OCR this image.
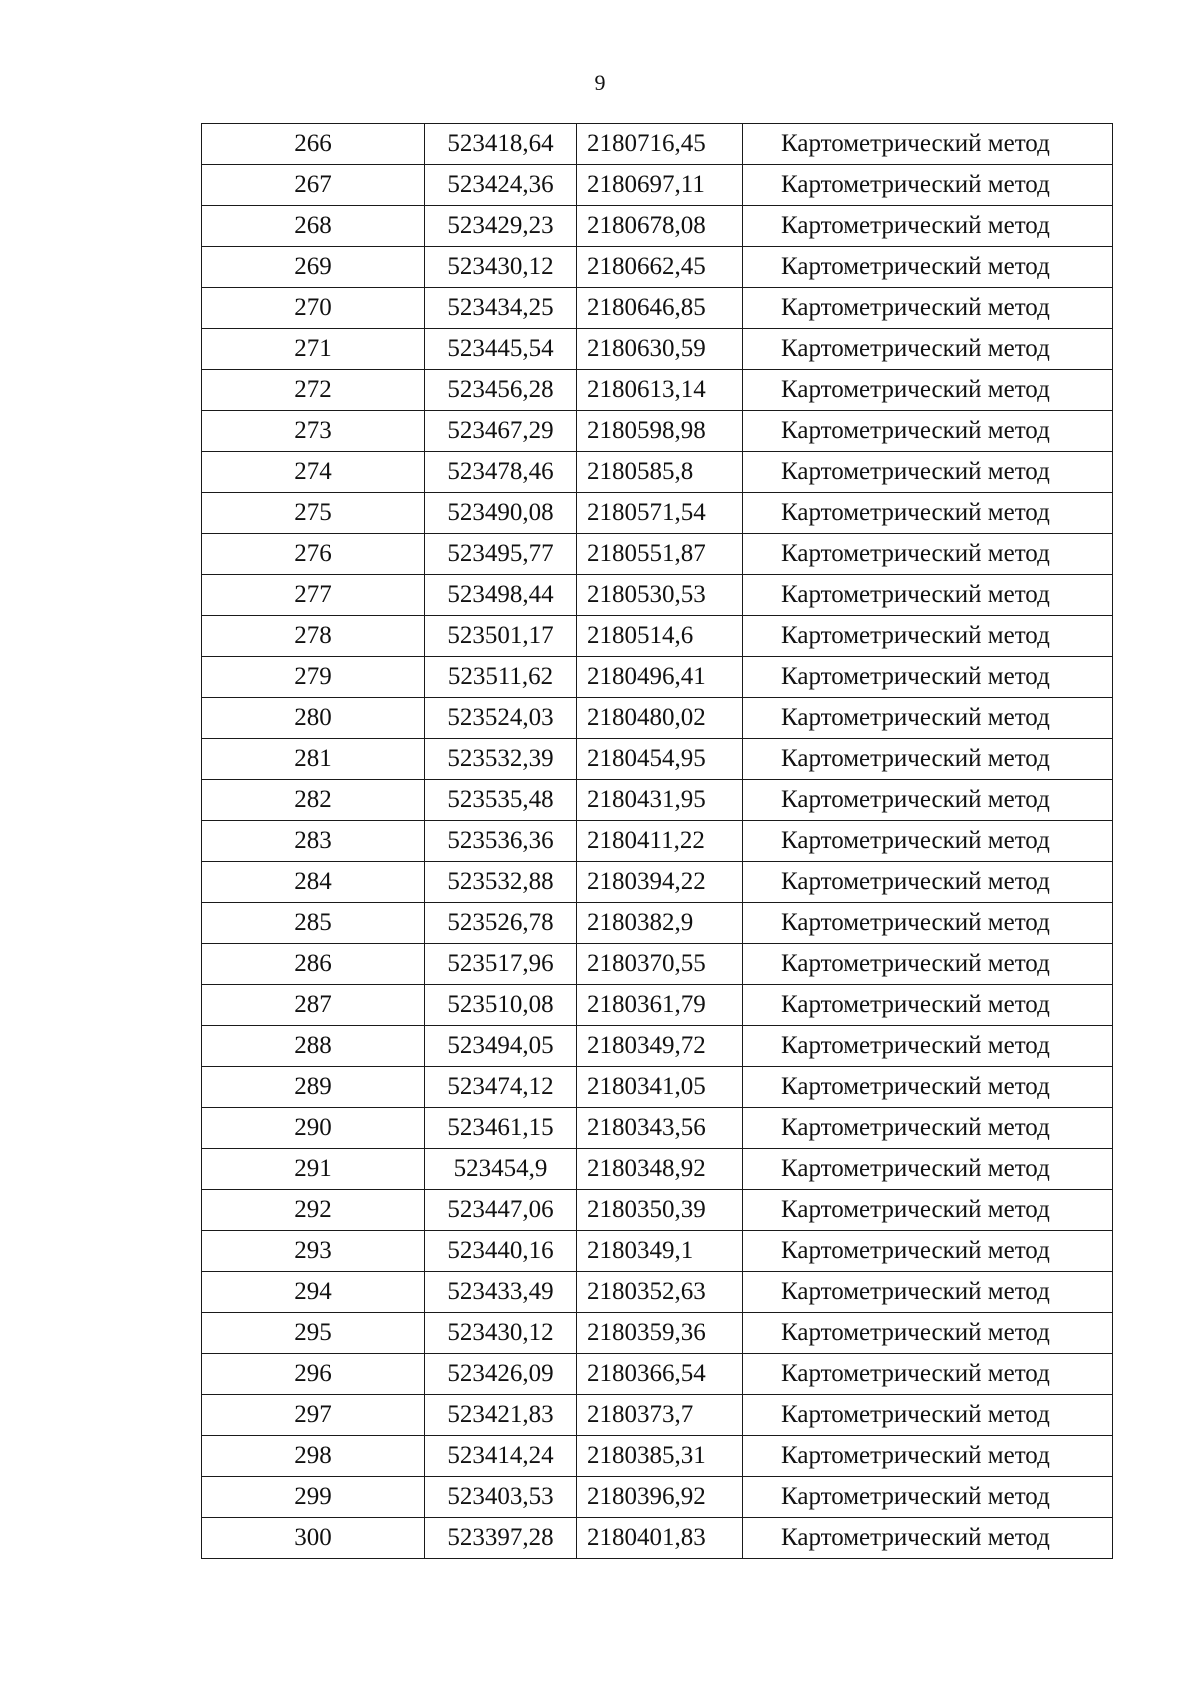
9
266	523418,64	2180716,45	Картометрический метод
267	523424,36	2180697,11	Картометрический метод
268	523429,23	2180678,08	Картометрический метод
269	523430,12	2180662,45	Картометрический метод
270	523434,25	2180646,85	Картометрический метод
271	523445,54	2180630,59	Картометрический метод
272	523456,28	2180613,14	Картометрический метод
273	523467,29	2180598,98	Картометрический метод
274	523478,46	2180585,8	Картометрический метод
275	523490,08	2180571,54	Картометрический метод
276	523495,77	2180551,87	Картометрический метод
277	523498,44	2180530,53	Картометрический метод
278	523501,17	2180514,6	Картометрический метод
279	523511,62	2180496,41	Картометрический метод
280	523524,03	2180480,02	Картометрический метод
281	523532,39	2180454,95	Картометрический метод
282	523535,48	2180431,95	Картометрический метод
283	523536,36	2180411,22	Картометрический метод
284	523532,88	2180394,22	Картометрический метод
285	523526,78	2180382,9	Картометрический метод
286	523517,96	2180370,55	Картометрический метод
287	523510,08	2180361,79	Картометрический метод
288	523494,05	2180349,72	Картометрический метод
289	523474,12	2180341,05	Картометрический метод
290	523461,15	2180343,56	Картометрический метод
291	523454,9	2180348,92	Картометрический метод
292	523447,06	2180350,39	Картометрический метод
293	523440,16	2180349,1	Картометрический метод
294	523433,49	2180352,63	Картометрический метод
295	523430,12	2180359,36	Картометрический метод
296	523426,09	2180366,54	Картометрический метод
297	523421,83	2180373,7	Картометрический метод
298	523414,24	2180385,31	Картометрический метод
299	523403,53	2180396,92	Картометрический метод
300	523397,28	2180401,83	Картометрический метод
